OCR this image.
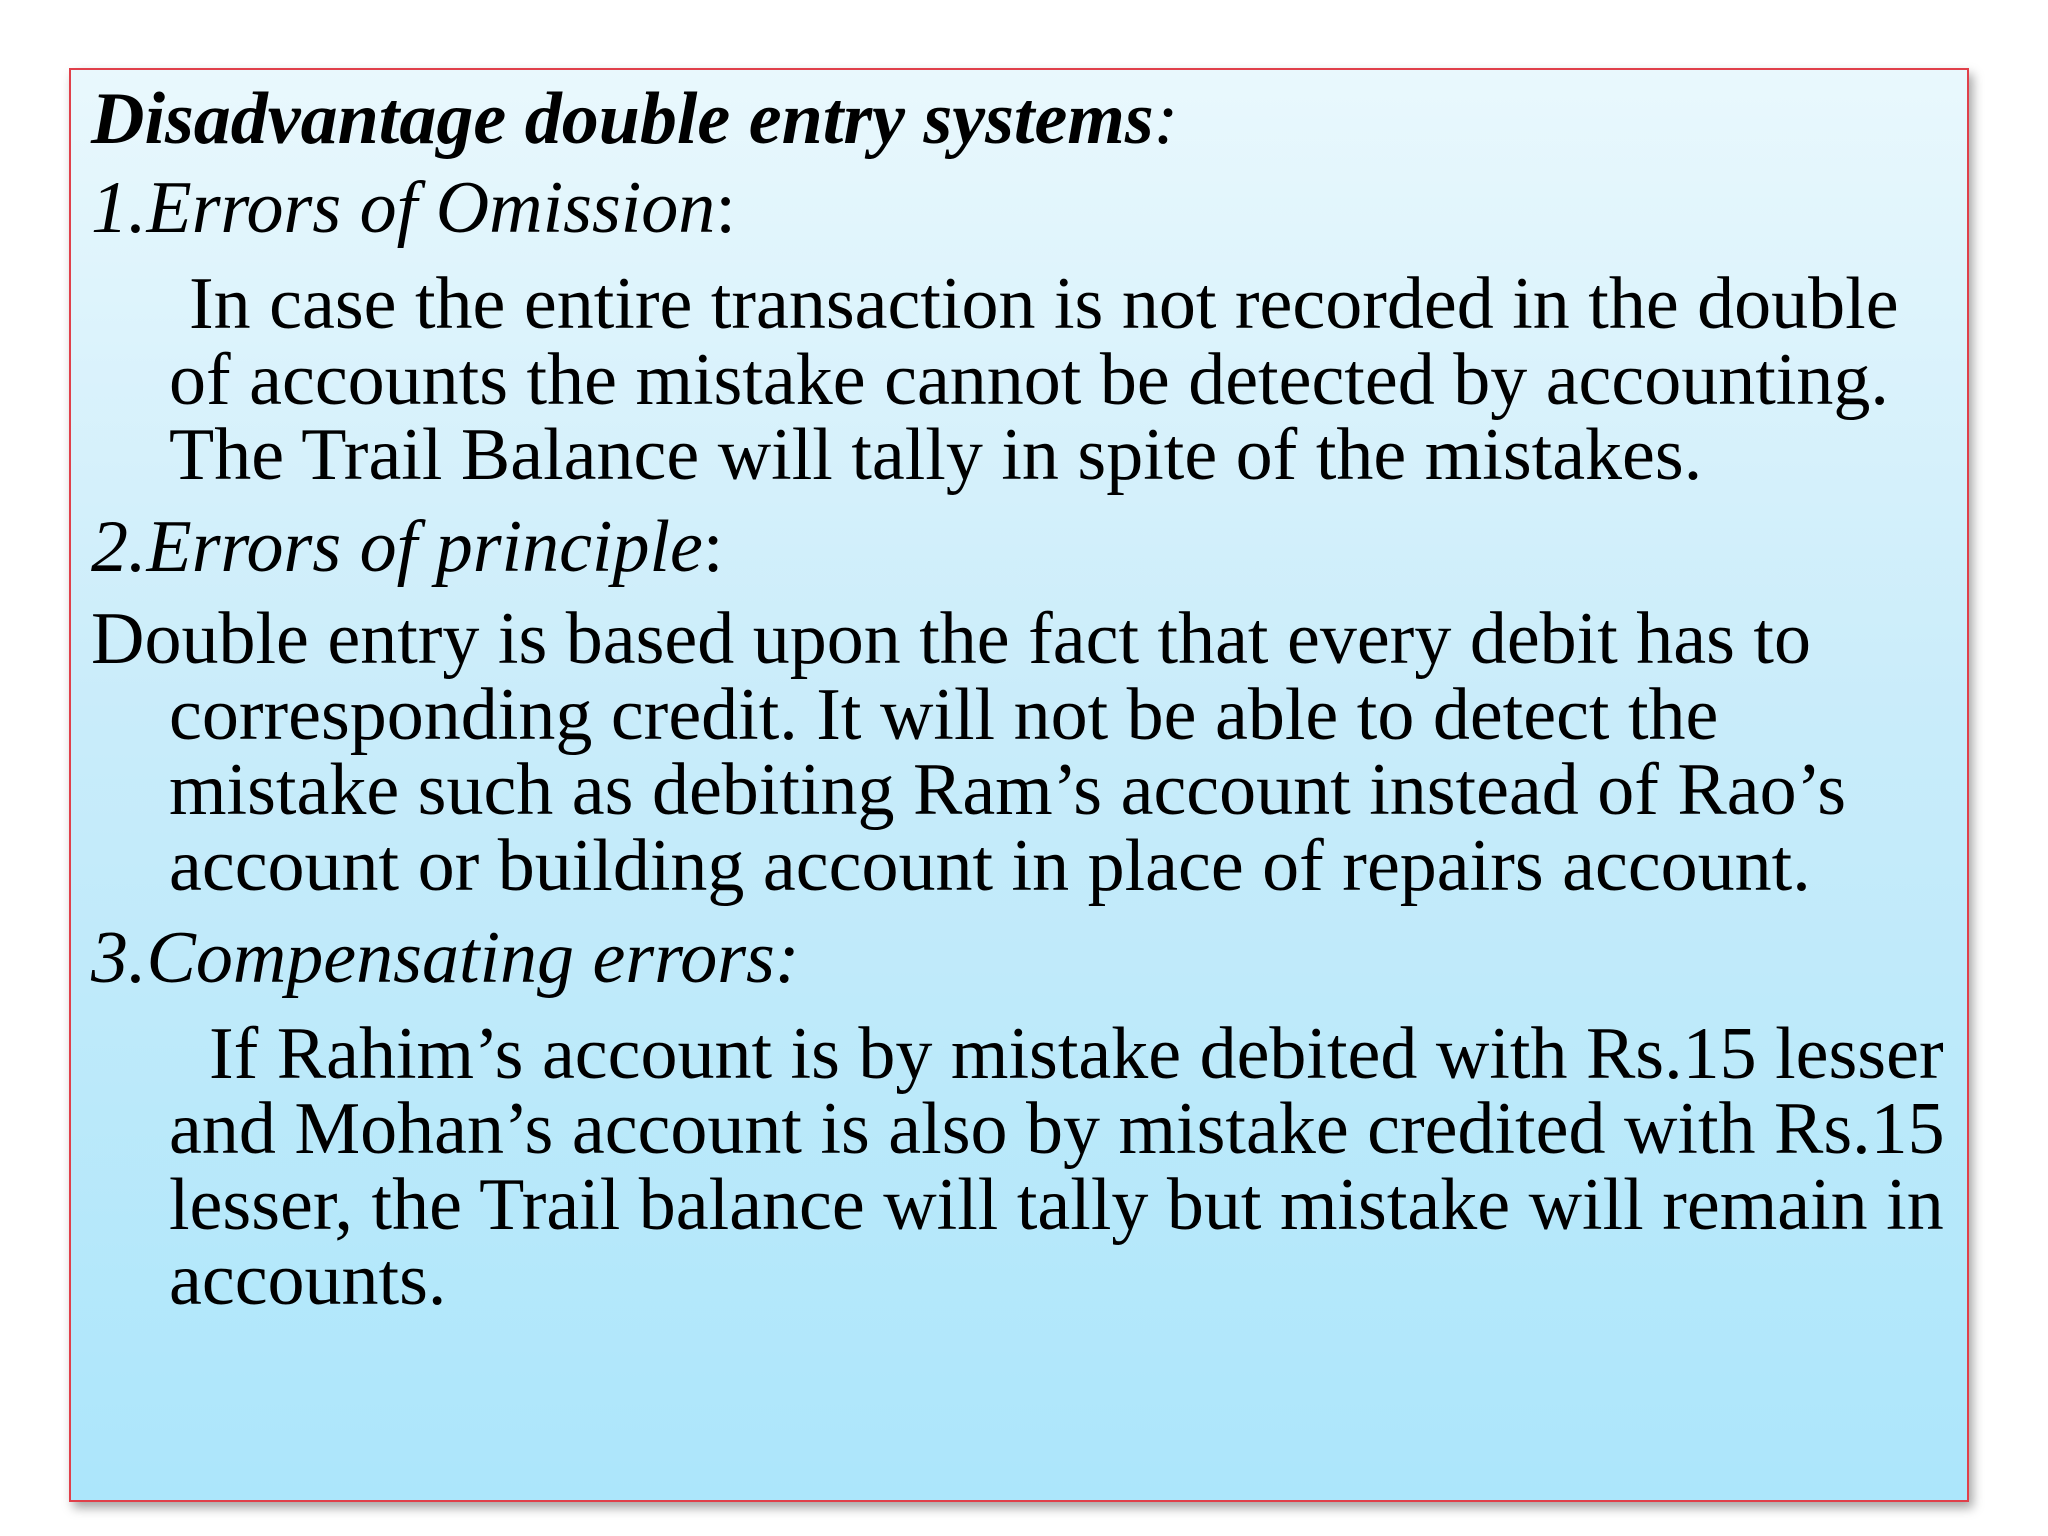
Disadvantage double entry systems:

1.Errors of Omission:

In case the entire transaction is not recorded in the double of accounts the mistake cannot be detected by accounting. The Trail Balance will tally in spite of the mistakes.

2.Errors of principle:

Double entry is based upon the fact that every debit has to corresponding credit. It will not be able to detect the mistake such as debiting Ram’s account instead of Rao’s account or building account in place of repairs account.

3.Compensating errors:

If Rahim’s account is by mistake debited with Rs.15 lesser and Mohan’s account is also by mistake credited with Rs.15 lesser, the Trail balance will tally but mistake will remain in accounts.
